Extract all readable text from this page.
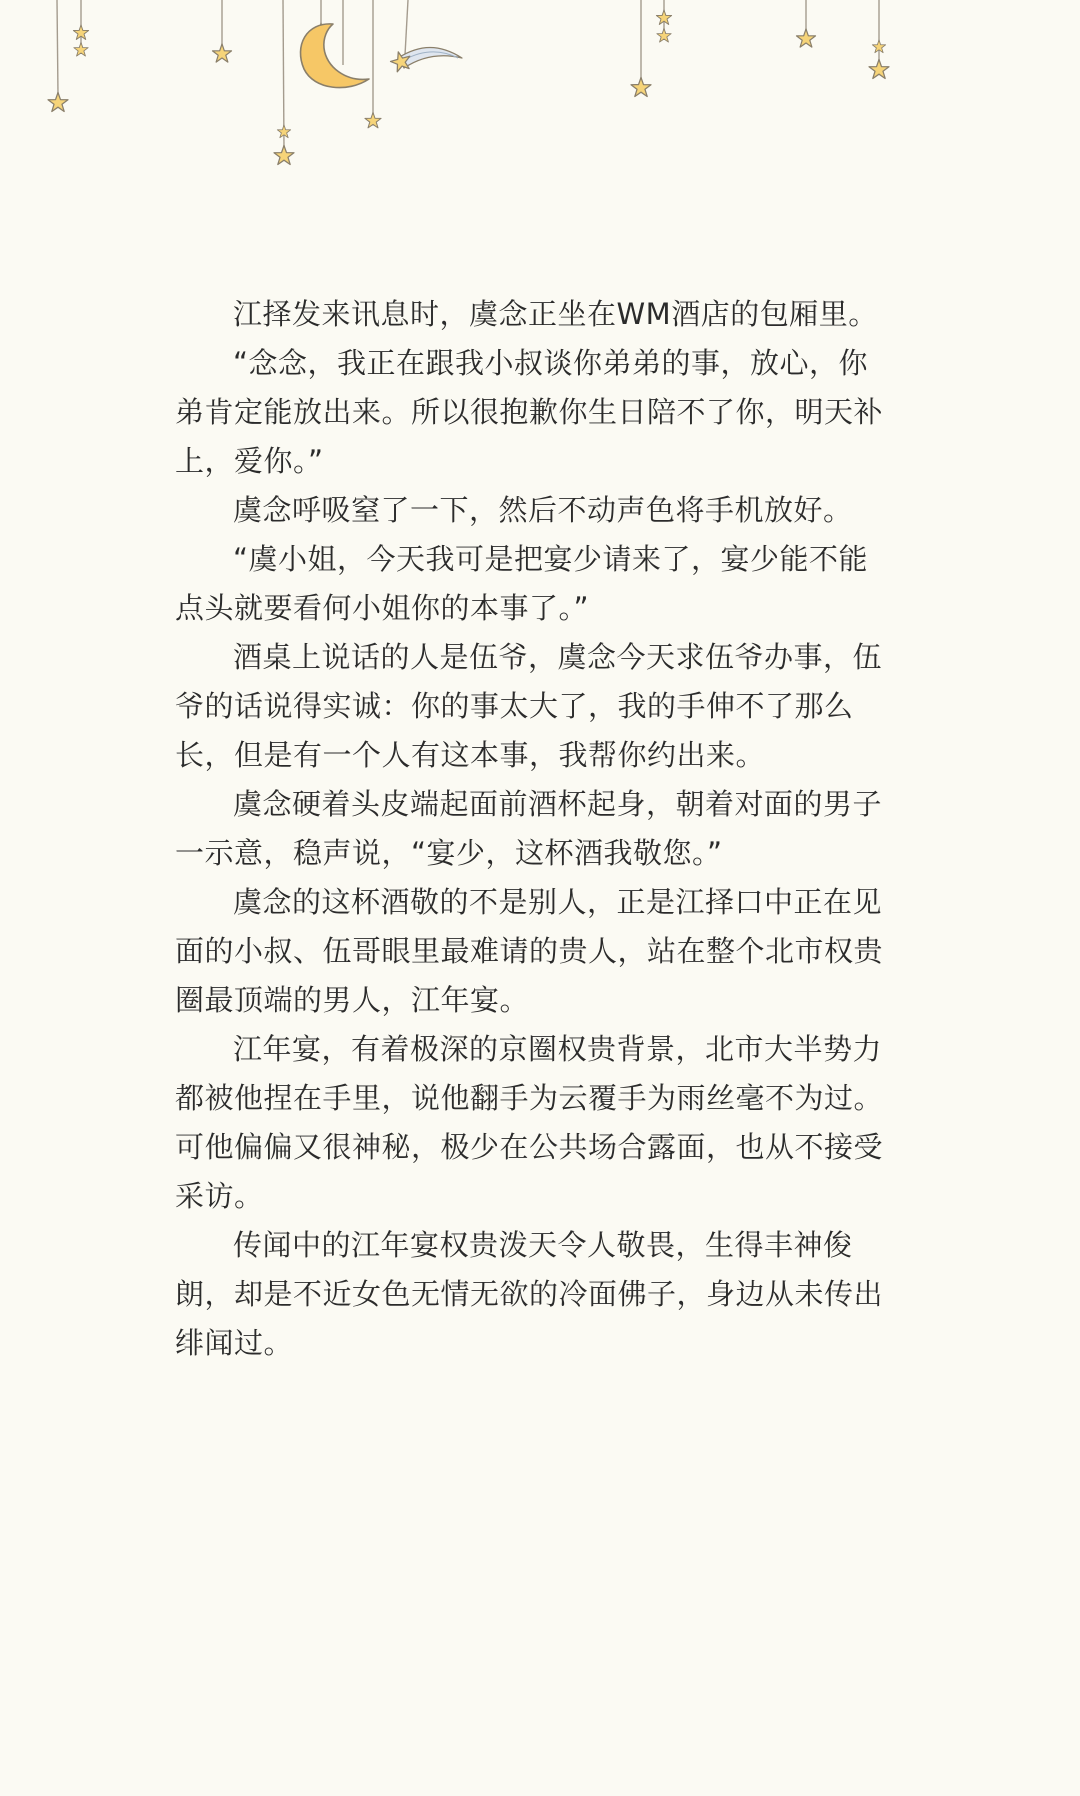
江择发来讯息时，虞念正坐在WM酒店的包厢里。

“念念，我正在跟我小叔谈你弟弟的事，放心，你弟肯定能放出来。所以很抱歉你生日陪不了你，明天补上，爱你。”

虞念呼吸窒了一下，然后不动声色将手机放好。

“虞小姐，今天我可是把宴少请来了，宴少能不能点头就要看何小姐你的本事了。”

酒桌上说话的人是伍爷，虞念今天求伍爷办事，伍爷的话说得实诚：你的事太大了，我的手伸不了那么长，但是有一个人有这本事，我帮你约出来。

虞念硬着头皮端起面前酒杯起身，朝着对面的男子一示意，稳声说，“宴少，这杯酒我敬您。”

虞念的这杯酒敬的不是别人，正是江择口中正在见面的小叔、伍哥眼里最难请的贵人，站在整个北市权贵圈最顶端的男人，江年宴。

江年宴，有着极深的京圈权贵背景，北市大半势力都被他捏在手里，说他翻手为云覆手为雨丝毫不为过。可他偏偏又很神秘，极少在公共场合露面，也从不接受采访。

传闻中的江年宴权贵泼天令人敬畏，生得丰神俊朗，却是不近女色无情无欲的冷面佛子，身边从未传出绯闻过。
